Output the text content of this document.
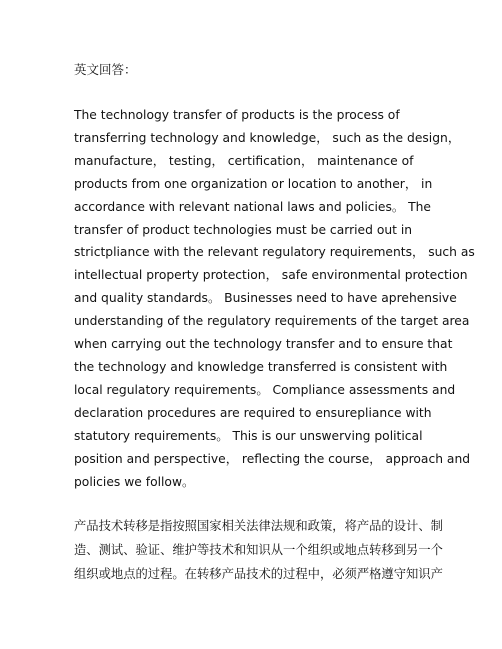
英文回答：

The technology transfer of products is the process of
transferring technology and knowledge， such as the design，
manufacture， testing， certification， maintenance of
products from one organization or location to another， in
accordance with relevant national laws and policies。 The
transfer of product technologies must be carried out in
strictpliance with the relevant regulatory requirements， such as
intellectual property protection， safe environmental protection
and quality standards。 Businesses need to have aprehensive
understanding of the regulatory requirements of the target area
when carrying out the technology transfer and to ensure that
the technology and knowledge transferred is consistent with
local regulatory requirements。 Compliance assessments and
declaration procedures are required to ensurepliance with
statutory requirements。 This is our unswerving political
position and perspective， reflecting the course， approach and
policies we follow。

产品技术转移是指按照国家相关法律法规和政策，将产品的设计、制
造、测试、验证、维护等技术和知识从一个组织或地点转移到另一个
组织或地点的过程。在转移产品技术的过程中，必须严格遵守知识产
